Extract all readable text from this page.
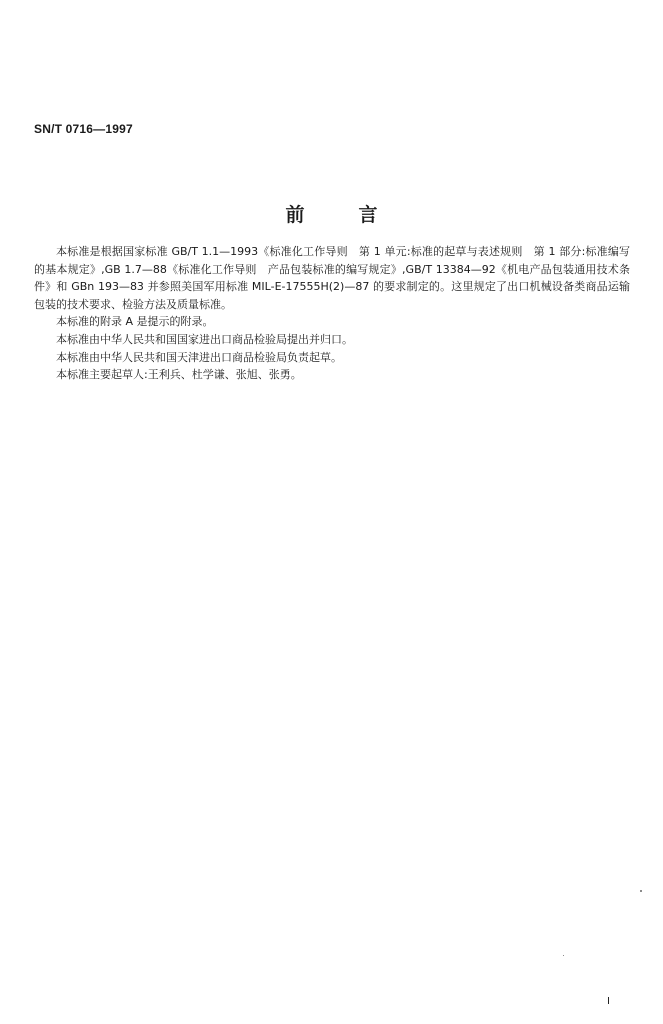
SN/T 0716—1997
前	言

本标准是根据国家标准 GB/T 1.1—1993《标准化工作导则　第 1 单元:标准的起草与表述规则　第 1 部分:标准编写的基本规定》,GB 1.7—88《标准化工作导则　产品包装标准的编写规定》,GB/T 13384—92《机电产品包装通用技术条件》和 GBn 193—83 并参照美国军用标准 MIL-E-17555H(2)—87 的要求制定的。这里规定了出口机械设备类商品运输包装的技术要求、检验方法及质量标准。

本标准的附录 A 是提示的附录。

本标准由中华人民共和国国家进出口商品检验局提出并归口。

本标准由中华人民共和国天津进出口商品检验局负责起草。

本标准主要起草人:王利兵、杜学谦、张旭、张勇。

I
